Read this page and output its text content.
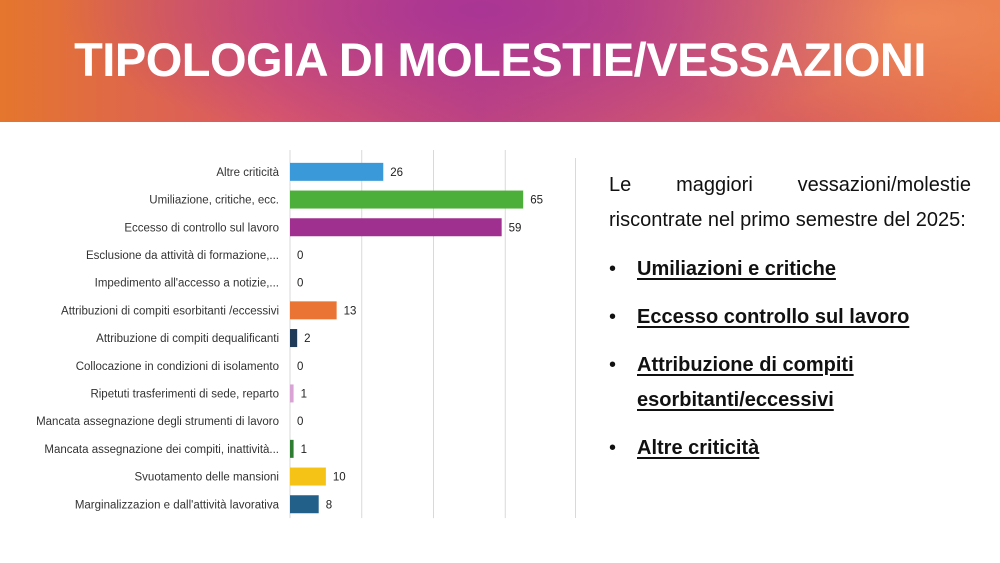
TIPOLOGIA DI MOLESTIE/VESSAZIONI
Altre criticità	26
Umiliazione, critiche, ecc.	65
Eccesso di controllo sul lavoro	59
Esclusione da attività di formazione,... 0
Impedimento all'accesso a notizie,... 0
Attribuzioni di compiti esorbitanti /eccessivi	13
Attribuzione di compiti dequalificanti 2
Collocazione in condizioni di isolamento 0
Ripetuti trasferimenti di sede, reparto 1
Mancata assegnazione degli strumenti di lavoro 0
Mancata assegnazione dei compiti, inattività... 1
Svuotamento delle mansioni	10
Marginalizzazion e dall'attività lavorativa	8

Le maggiori vessazioni/molestie riscontrate nel primo semestre del 2025:

• Umiliazioni e critiche
• Eccesso controllo sul lavoro
• Attribuzione di compiti esorbitanti/eccessivi
• Altre criticità
